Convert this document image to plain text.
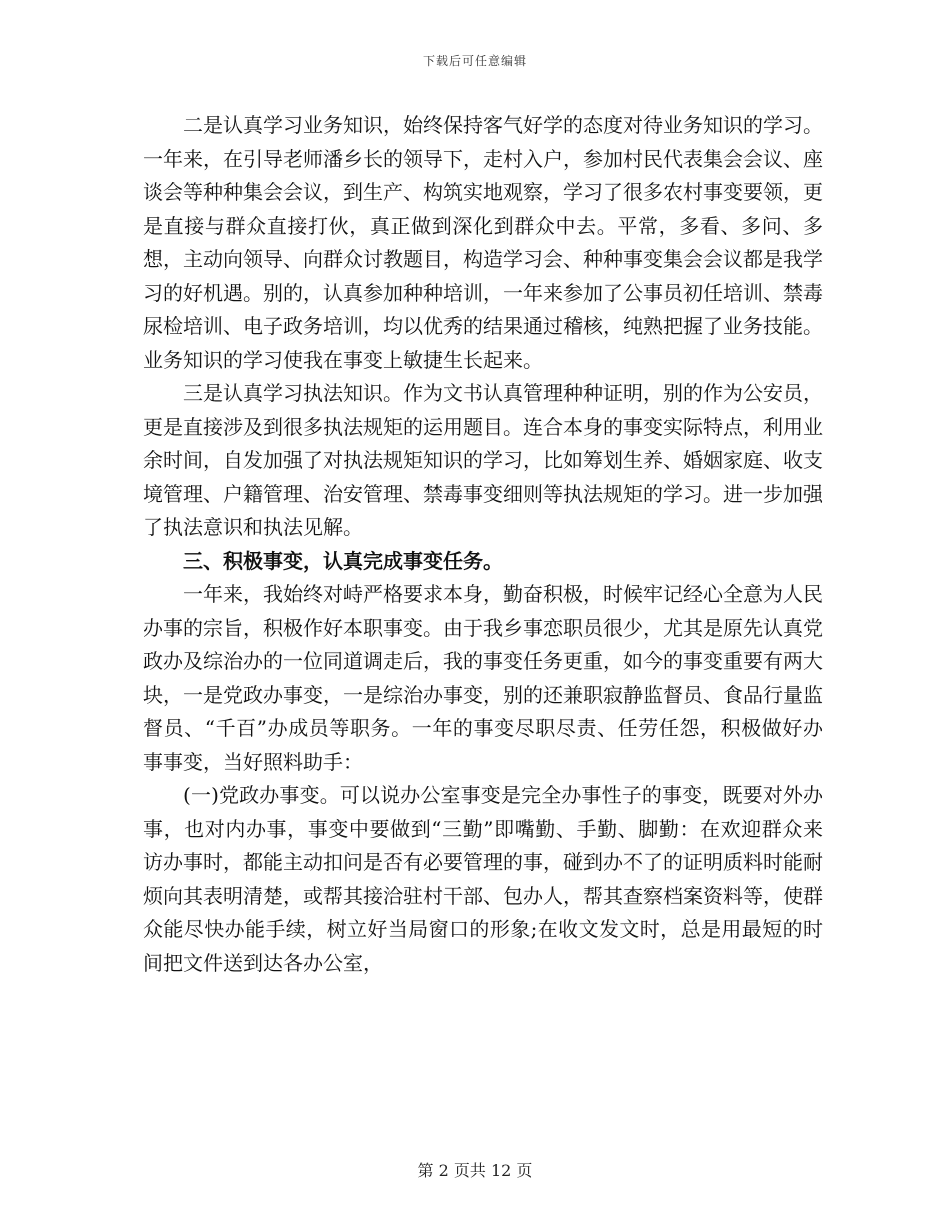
下载后可任意编辑

二是认真学习业务知识，始终保持客气好学的态度对待业务知识的学习。一年来，在引导老师潘乡长的领导下，走村入户，参加村民代表集会会议、座谈会等种种集会会议，到生产、构筑实地观察，学习了很多农村事变要领，更是直接与群众直接打伙，真正做到深化到群众中去。平常，多看、多问、多想，主动向领导、向群众讨教题目，构造学习会、种种事变集会会议都是我学习的好机遇。别的，认真参加种种培训，一年来参加了公事员初任培训、禁毒尿检培训、电子政务培训，均以优秀的结果通过稽核，纯熟把握了业务技能。业务知识的学习使我在事变上敏捷生长起来。

三是认真学习执法知识。作为文书认真管理种种证明，别的作为公安员，更是直接涉及到很多执法规矩的运用题目。连合本身的事变实际特点，利用业余时间，自发加强了对执法规矩知识的学习，比如筹划生养、婚姻家庭、收支境管理、户籍管理、治安管理、禁毒事变细则等执法规矩的学习。进一步加强了执法意识和执法见解。

三、积极事变，认真完成事变任务。

一年来，我始终对峙严格要求本身，勤奋积极，时候牢记经心全意为人民办事的宗旨，积极作好本职事变。由于我乡事恋职员很少，尤其是原先认真党政办及综治办的一位同道调走后，我的事变任务更重，如今的事变重要有两大块，一是党政办事变，一是综治办事变，别的还兼职寂静监督员、食品行量监督员、“千百”办成员等职务。一年的事变尽职尽责、任劳任怨，积极做好办事事变，当好照料助手：

(一)党政办事变。可以说办公室事变是完全办事性子的事变，既要对外办事，也对内办事，事变中要做到“三勤”即嘴勤、手勤、脚勤：在欢迎群众来访办事时，都能主动扣问是否有必要管理的事，碰到办不了的证明质料时能耐烦向其表明清楚，或帮其接洽驻村干部、包办人，帮其查察档案资料等，使群众能尽快办能手续，树立好当局窗口的形象;在收文发文时，总是用最短的时间把文件送到达各办公室，

第 2 页共 12 页
